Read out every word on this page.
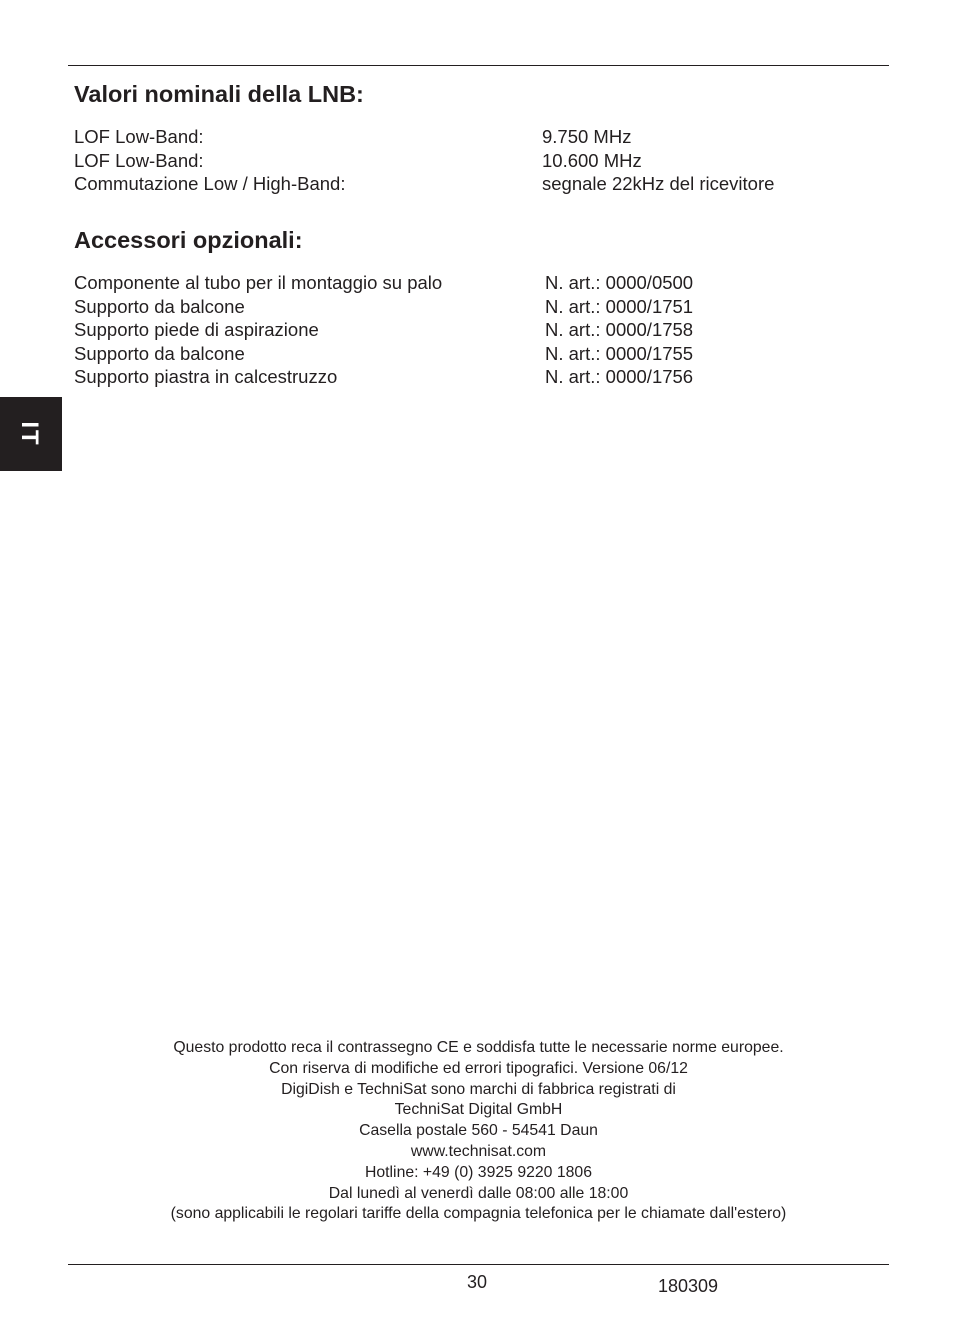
IT
Valori nominali della LNB:
LOF Low-Band:	9.750 MHz
LOF Low-Band:	10.600 MHz
Commutazione Low / High-Band:	segnale 22kHz del ricevitore
Accessori opzionali:
Componente al tubo per il montaggio su palo	N. art.: 0000/0500
Supporto da balcone	N. art.: 0000/1751
Supporto piede di aspirazione	N. art.: 0000/1758
Supporto da balcone	N. art.: 0000/1755
Supporto piastra in calcestruzzo	N. art.: 0000/1756
Questo prodotto reca il contrassegno CE e soddisfa tutte le necessarie norme europee.
Con riserva di modifiche ed errori tipografici. Versione 06/12
DigiDish e TechniSat sono marchi di fabbrica registrati di
TechniSat Digital GmbH
Casella postale 560 - 54541 Daun
www.technisat.com
Hotline: +49 (0) 3925 9220 1806
Dal lunedì al venerdì dalle 08:00 alle 18:00
(sono applicabili le regolari tariffe della compagnia telefonica per le chiamate dall'estero)
30	180309
